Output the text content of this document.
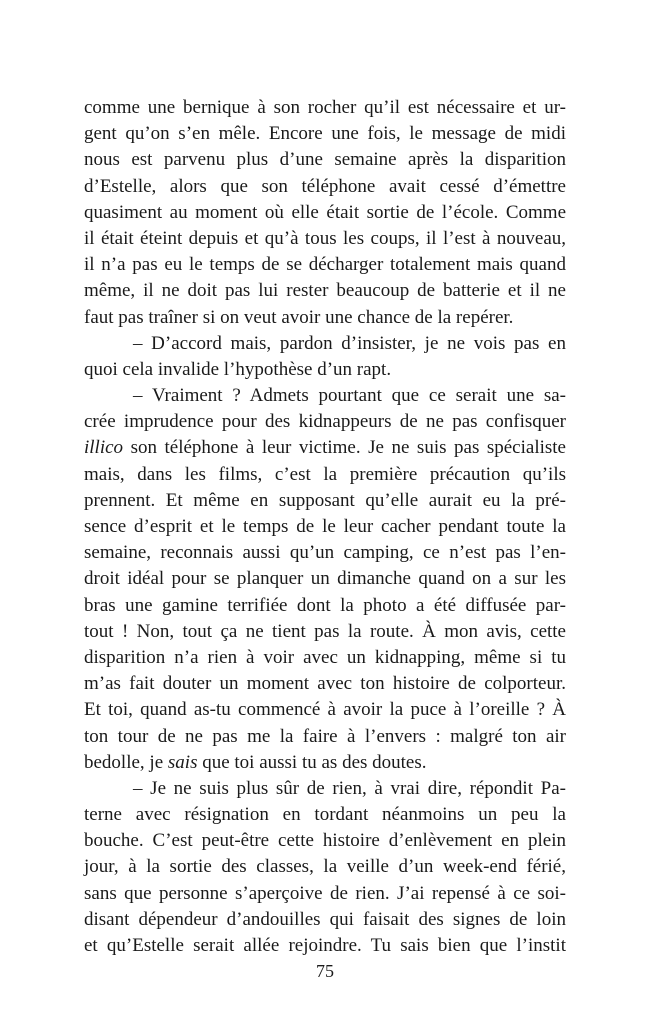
comme une bernique à son rocher qu’il est nécessaire et ur-
gent qu’on s’en mêle. Encore une fois, le message de midi
nous est parvenu plus d’une semaine après la disparition
d’Estelle, alors que son téléphone avait cessé d’émettre
quasiment au moment où elle était sortie de l’école. Comme
il était éteint depuis et qu’à tous les coups, il l’est à nouveau,
il n’a pas eu le temps de se décharger totalement mais quand
même, il ne doit pas lui rester beaucoup de batterie et il ne
faut pas traîner si on veut avoir une chance de la repérer.
– D’accord mais, pardon d’insister, je ne vois pas en
quoi cela invalide l’hypothèse d’un rapt.
– Vraiment ? Admets pourtant que ce serait une sa-
crée imprudence pour des kidnappeurs de ne pas confisquer
illico son téléphone à leur victime. Je ne suis pas spécialiste
mais, dans les films, c’est la première précaution qu’ils
prennent. Et même en supposant qu’elle aurait eu la pré-
sence d’esprit et le temps de le leur cacher pendant toute la
semaine, reconnais aussi qu’un camping, ce n’est pas l’en-
droit idéal pour se planquer un dimanche quand on a sur les
bras une gamine terrifiée dont la photo a été diffusée par-
tout ! Non, tout ça ne tient pas la route. À mon avis, cette
disparition n’a rien à voir avec un kidnapping, même si tu
m’as fait douter un moment avec ton histoire de colporteur.
Et toi, quand as-tu commencé à avoir la puce à l’oreille ? À
ton tour de ne pas me la faire à l’envers : malgré ton air
bedolle, je sais que toi aussi tu as des doutes.
– Je ne suis plus sûr de rien, à vrai dire, répondit Pa-
terne avec résignation en tordant néanmoins un peu la
bouche. C’est peut-être cette histoire d’enlèvement en plein
jour, à la sortie des classes, la veille d’un week-end férié,
sans que personne s’aperçoive de rien. J’ai repensé à ce soi-
disant dépendeur d’andouilles qui faisait des signes de loin
et qu’Estelle serait allée rejoindre. Tu sais bien que l’instit
75
